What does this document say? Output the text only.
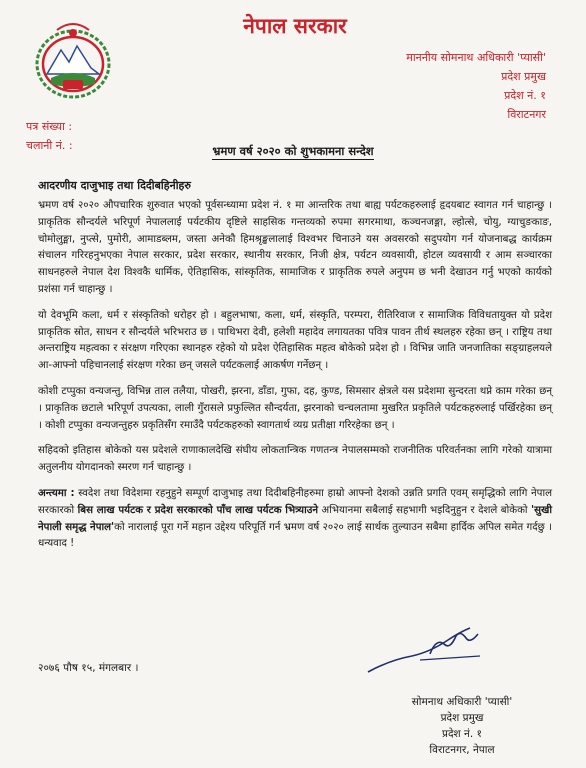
नेपाल सरकार
माननीय सोमनाथ अधिकारी 'प्यासी'
प्रदेश प्रमुख
प्रदेश नं. १
विराटनगर
पत्र संख्या :
चलानी नं. :	भ्रमण वर्ष २०२० को शुभकामना सन्देश
आदरणीय दाजुभाइ तथा दिदीबहिनीहरु

भ्रमण वर्ष २०२० औपचारिक शुरुवात भएको पूर्वसन्ध्यामा प्रदेश नं. १ मा आन्तरिक तथा बाह्य पर्यटकहरुलाई हृदयबाट स्वागत गर्न चाहान्छु । प्राकृतिक सौन्दर्यले भरिपूर्ण नेपाललाई पर्यटकीय दृष्टिले साहसिक गन्तव्यको रुपमा सगरमाथा, कञ्चनजङ्गा, ल्होत्से, चोयु, ग्याचुङकाङ, चोमोलुङ्मा, नुप्त्से, पुमोरी, आमाडब्लम, जस्ता अनेकौ हिमश्रृङ्खलालाई विश्वभर चिनाउने यस अवसरको सदुपयोग गर्न योजनाबद्ध कार्यक्रम संचालन गरिरहनुभएका नेपाल सरकार, प्रदेश सरकार, स्थानीय सरकार, निजी क्षेत्र, पर्यटन व्यवसायी, होटल व्यवसायी र आम सञ्चारका साधनहरुले नेपाल देश विश्वकै धार्मिक, ऐतिहासिक, सांस्कृतिक, सामाजिक र प्राकृतिक रुपले अनुपम छ भनी देखाउन गर्नु भएको कार्यको प्रशंसा गर्न चाहान्छु ।

यो देवभूमि कला, धर्म र संस्कृतिको धरोहर हो । बहुलभाषा, कला, धर्म, संस्कृति, परम्परा, रीतिरिवाज र सामाजिक विविधतायुक्त यो प्रदेश प्राकृतिक स्रोत, साधन र सौन्दर्यले भरिभराउ छ । पाथिभरा देवी, हलेशी महादेव लगायतका पवित्र पावन तीर्थ स्थलहरु रहेका छन् । राष्ट्रिय तथा अन्तराष्ट्रिय महत्वका र संरक्षण गरिएका स्थानहरु रहेको यो प्रदेश ऐतिहासिक महत्व बोकेको प्रदेश हो । विभिन्न जाति जनजातिका सङ्ग्राहलयले आ-आफ्नो पहिचानलाई संरक्षण गरेका छन् जसले पर्यटकलाई आकर्षण गर्नेछन् ।

कोशी टप्पुका वन्यजन्तु, विभिन्न ताल तलैया, पोखरी, झरना, डाँडा, गुफा, दह, कुण्ड, सिमसार क्षेत्रले यस प्रदेशमा सुन्दरता थप्ने काम गरेका छन् । प्राकृतिक छटाले भरिपूर्ण उपत्यका, लाली गुँरासले प्रफुल्लित सौन्दर्यता, झरनाको चन्चलतामा मुखरित प्रकृतिले पर्यटकहरुलाई पर्खिरहेका छन् । कोशी टप्पुका वन्यजन्तुहरु प्रकृतिसँग रमाउँदै पर्यटकहरुको स्वागतार्थ व्यग्र प्रतीक्षा गरिरहेका छन् ।

सहिदको इतिहास बोकेको यस प्रदेशले राणाकालदेखि संघीय लोकतान्त्रिक गणतन्त्र नेपालसम्मको राजनीतिक परिवर्तनका लागि गरेको यात्रामा अतुलनीय योगदानको स्मरण गर्न चाहान्छु ।

अन्त्यमा : स्वदेश तथा विदेशमा रहनुहुने सम्पूर्ण दाजुभाइ तथा दिदीबहिनीहरुमा हाम्रो आफ्नो देशको उन्नति प्रगति एवम् समृद्धिको लागि नेपाल सरकारको बिस लाख पर्यटक र प्रदेश सरकारको पाँच लाख पर्यटक भित्र्याउने अभियानमा सबैलाई सहभागी भइदिनुहुन र देशले बोकेको 'सुखी नेपाली समृद्ध नेपाल'को नारालाई पूरा गर्ने महान उद्देश्य परिपूर्ति गर्न भ्रमण वर्ष २०२० लाई सार्थक तुल्याउन सबैमा हार्दिक अपिल समेत गर्दछु । धन्यवाद !

२०७६ पौष १५, मंगलबार ।
सोमनाथ अधिकारी 'प्यासी'
प्रदेश प्रमुख
प्रदेश नं. १
विराटनगर, नेपाल
